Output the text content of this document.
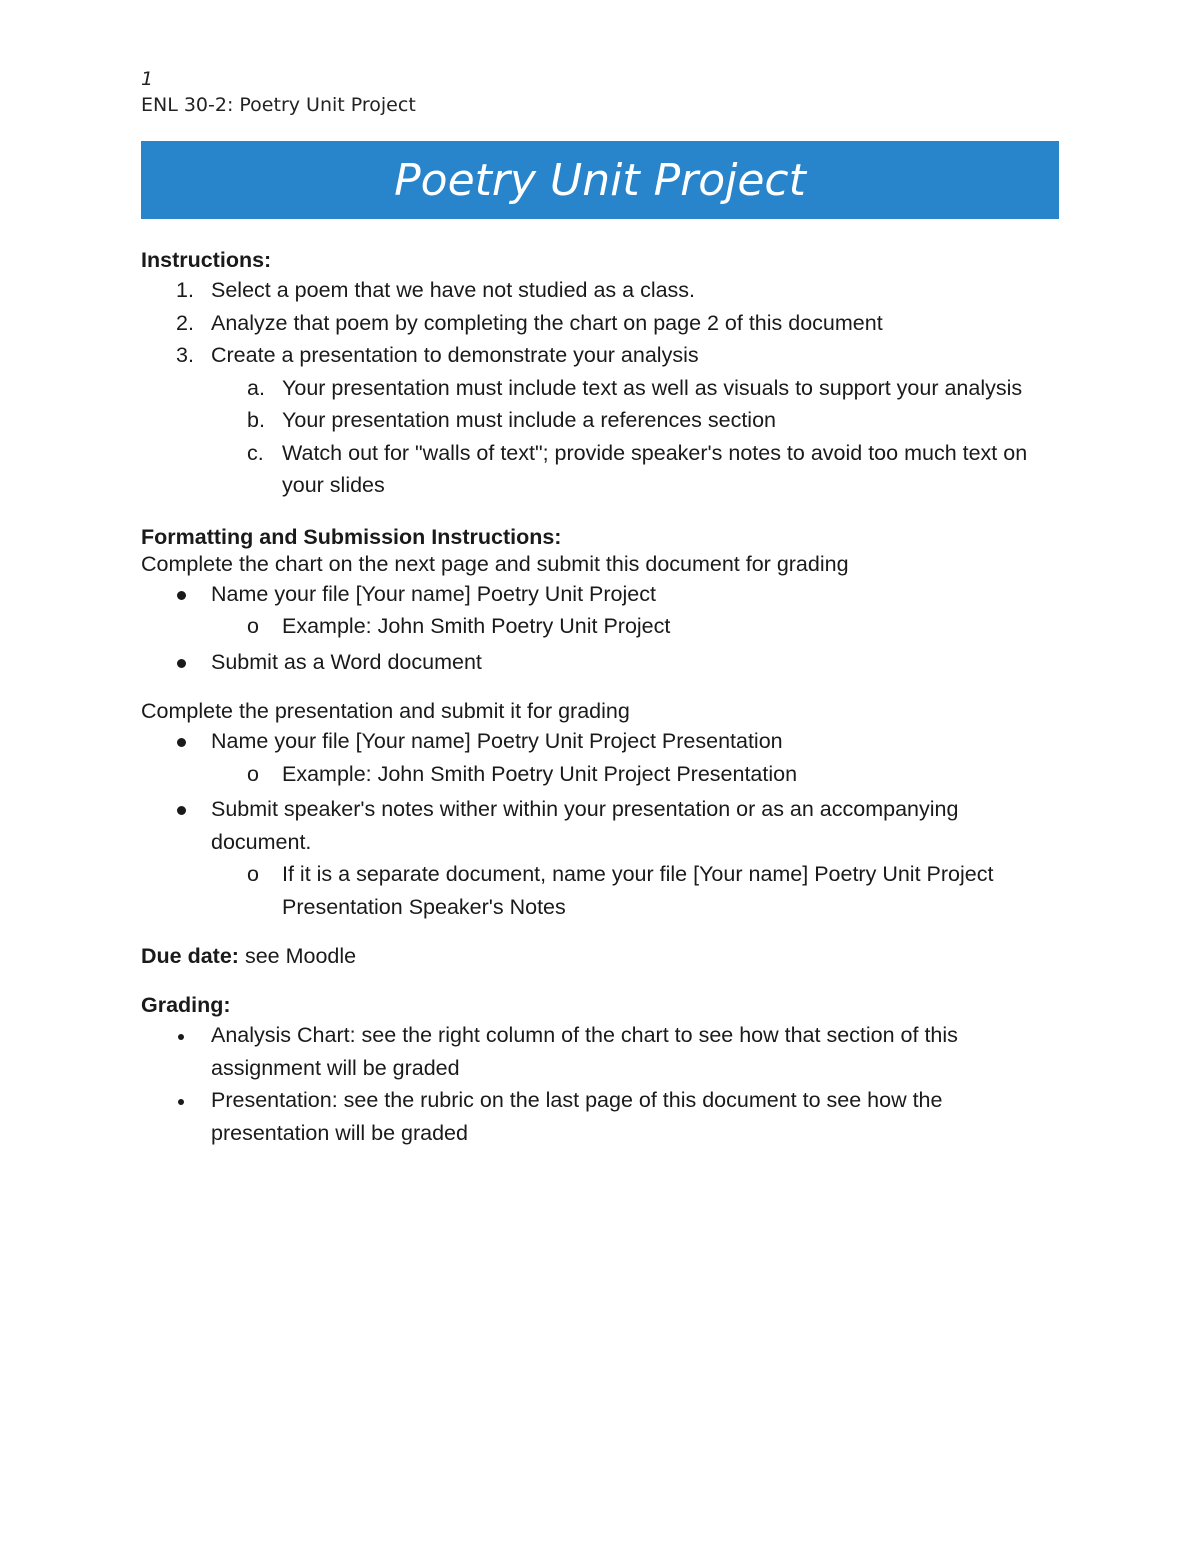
1
ENL 30-2: Poetry Unit Project
Poetry Unit Project
Instructions:
1. Select a poem that we have not studied as a class.
2. Analyze that poem by completing the chart on page 2 of this document
3. Create a presentation to demonstrate your analysis
a. Your presentation must include text as well as visuals to support your analysis
b. Your presentation must include a references section
c. Watch out for "walls of text"; provide speaker's notes to avoid too much text on your slides
Formatting and Submission Instructions:
Complete the chart on the next page and submit this document for grading
Name your file [Your name] Poetry Unit Project
o Example: John Smith Poetry Unit Project
Submit as a Word document
Complete the presentation and submit it for grading
Name your file [Your name] Poetry Unit Project Presentation
o Example: John Smith Poetry Unit Project Presentation
Submit speaker's notes wither within your presentation or as an accompanying document.
o If it is a separate document, name your file [Your name] Poetry Unit Project Presentation Speaker's Notes
Due date: see Moodle
Grading:
Analysis Chart: see the right column of the chart to see how that section of this assignment will be graded
Presentation: see the rubric on the last page of this document to see how the presentation will be graded
